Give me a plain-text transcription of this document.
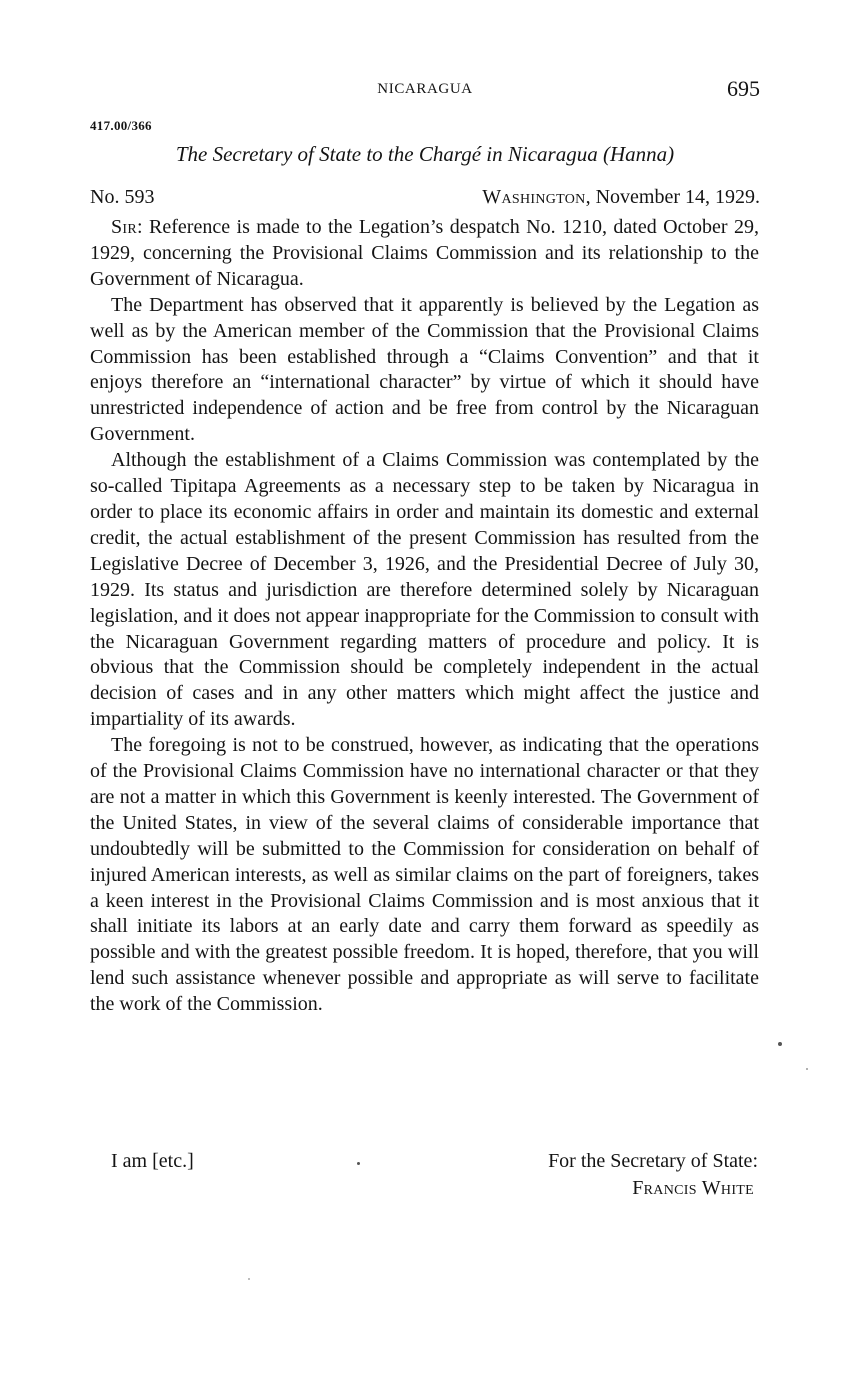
NICARAGUA	695
417.00/366
The Secretary of State to the Chargé in Nicaragua (Hanna)
No. 593	Washington, November 14, 1929.

Sir: Reference is made to the Legation’s despatch No. 1210, dated October 29, 1929, concerning the Provisional Claims Commission and its relationship to the Government of Nicaragua.

The Department has observed that it apparently is believed by the Legation as well as by the American member of the Commission that the Provisional Claims Commission has been established through a “Claims Convention” and that it enjoys therefore an “international character” by virtue of which it should have unrestricted independence of action and be free from control by the Nicaraguan Government.

Although the establishment of a Claims Commission was contemplated by the so-called Tipitapa Agreements as a necessary step to be taken by Nicaragua in order to place its economic affairs in order and maintain its domestic and external credit, the actual establishment of the present Commission has resulted from the Legislative Decree of December 3, 1926, and the Presidential Decree of July 30, 1929. Its status and jurisdiction are therefore determined solely by Nicaraguan legislation, and it does not appear inappropriate for the Commission to consult with the Nicaraguan Government regarding matters of procedure and policy. It is obvious that the Commission should be completely independent in the actual decision of cases and in any other matters which might affect the justice and impartiality of its awards.

The foregoing is not to be construed, however, as indicating that the operations of the Provisional Claims Commission have no international character or that they are not a matter in which this Government is keenly interested. The Government of the United States, in view of the several claims of considerable importance that undoubtedly will be submitted to the Commission for consideration on behalf of injured American interests, as well as similar claims on the part of foreigners, takes a keen interest in the Provisional Claims Commission and is most anxious that it shall initiate its labors at an early date and carry them forward as speedily as possible and with the greatest possible freedom. It is hoped, therefore, that you will lend such assistance whenever possible and appropriate as will serve to facilitate the work of the Commission.

I am [etc.]	For the Secretary of State:
Francis White
